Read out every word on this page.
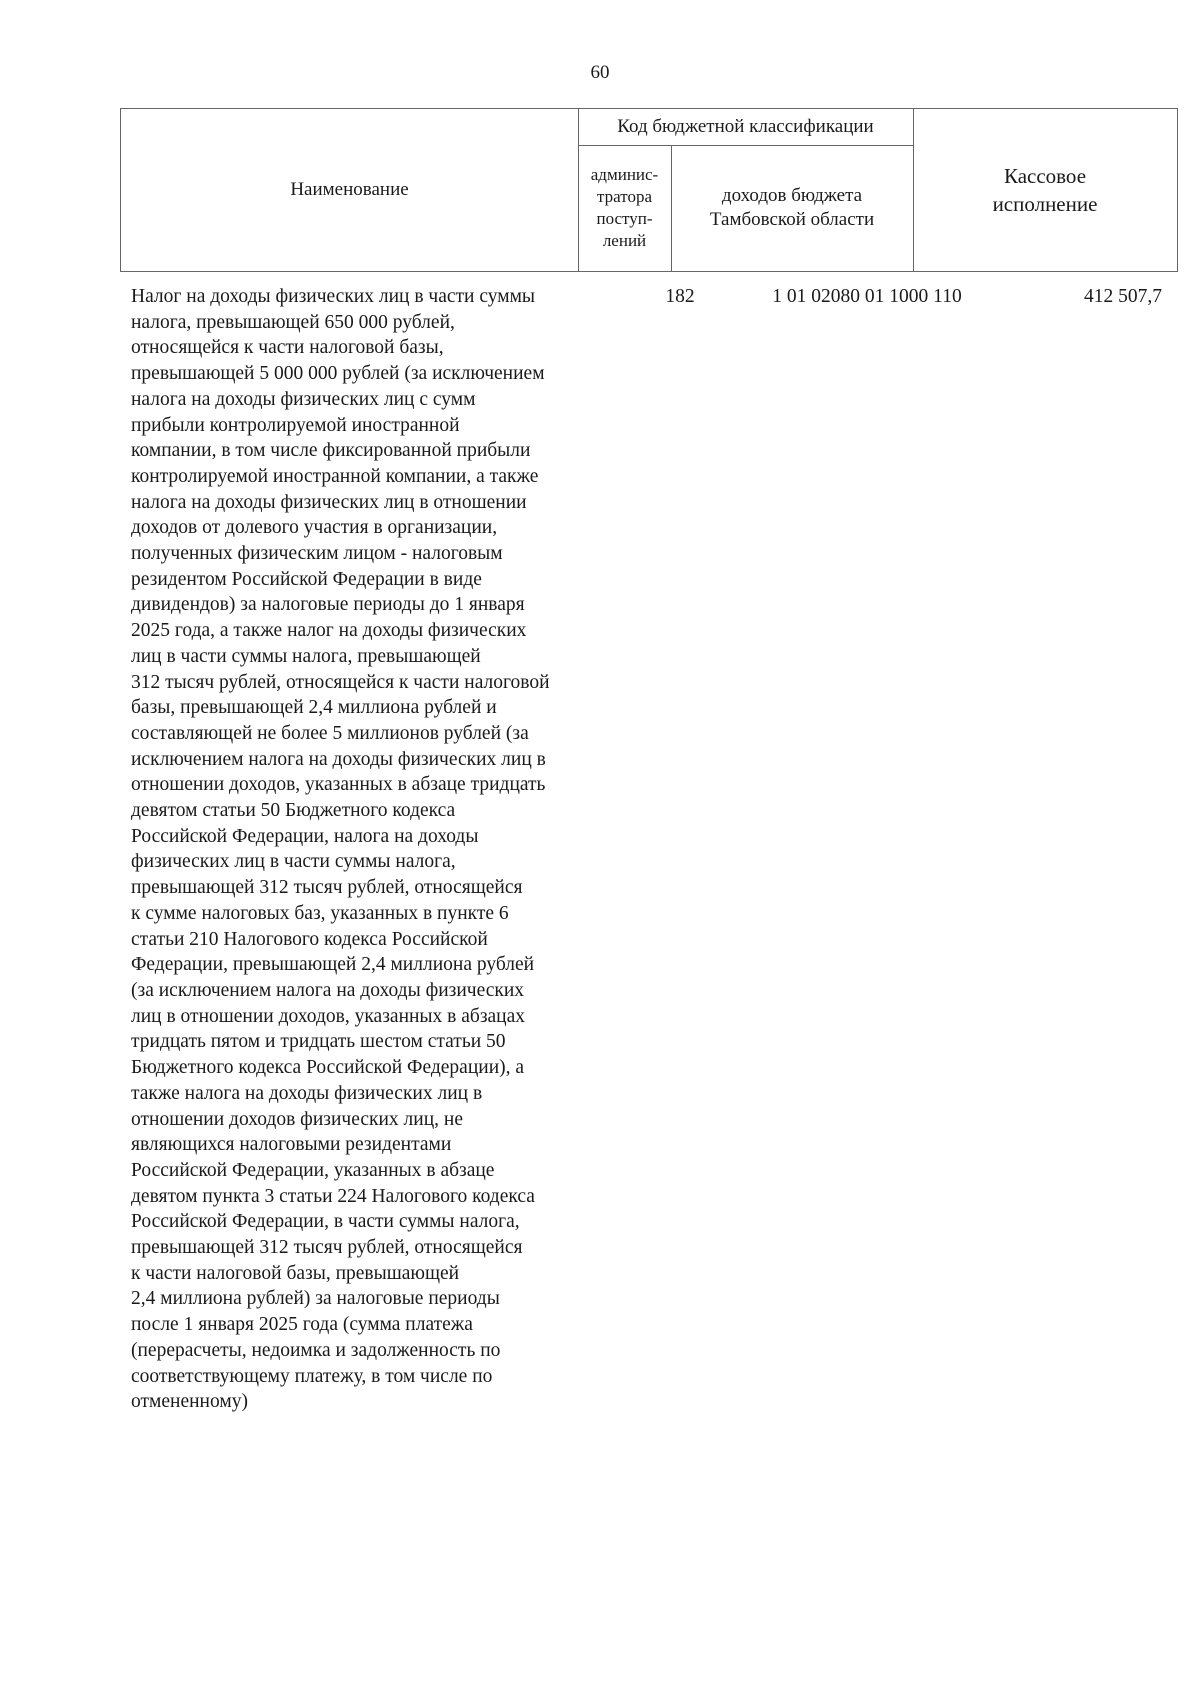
60
Наименование
Код бюджетной классификации
админис-
тратора
поступ-
лений
доходов бюджета
Тамбовской области
Кассовое
исполнение
Налог на доходы физических лиц в части суммы
налога, превышающей 650 000 рублей,
относящейся к части налоговой базы,
превышающей 5 000 000 рублей (за исключением
налога на доходы физических лиц с сумм
прибыли контролируемой иностранной
компании, в том числе фиксированной прибыли
контролируемой иностранной компании, а также
налога на доходы физических лиц в отношении
доходов от долевого участия в организации,
полученных физическим лицом - налоговым
резидентом Российской Федерации в виде
дивидендов) за налоговые периоды до 1 января
2025 года, а также налог на доходы физических
лиц в части суммы налога, превышающей
312 тысяч рублей, относящейся к части налоговой
базы, превышающей 2,4 миллиона рублей и
составляющей не более 5 миллионов рублей (за
исключением налога на доходы физических лиц в
отношении доходов, указанных в абзаце тридцать
девятом статьи 50 Бюджетного кодекса
Российской Федерации, налога на доходы
физических лиц в части суммы налога,
превышающей 312 тысяч рублей, относящейся
к сумме налоговых баз, указанных в пункте 6
статьи 210 Налогового кодекса Российской
Федерации, превышающей 2,4 миллиона рублей
(за исключением налога на доходы физических
лиц в отношении доходов, указанных в абзацах
тридцать пятом и тридцать шестом статьи 50
Бюджетного кодекса Российской Федерации), а
также налога на доходы физических лиц в
отношении доходов физических лиц, не
являющихся налоговыми резидентами
Российской Федерации, указанных в абзаце
девятом пункта 3 статьи 224 Налогового кодекса
Российской Федерации, в части суммы налога,
превышающей 312 тысяч рублей, относящейся
к части налоговой базы, превышающей
2,4 миллиона рублей) за налоговые периоды
после 1 января 2025 года (сумма платежа
(перерасчеты, недоимка и задолженность по
соответствующему платежу, в том числе по
отмененному)
182	1 01 02080 01 1000 110	412 507,7
